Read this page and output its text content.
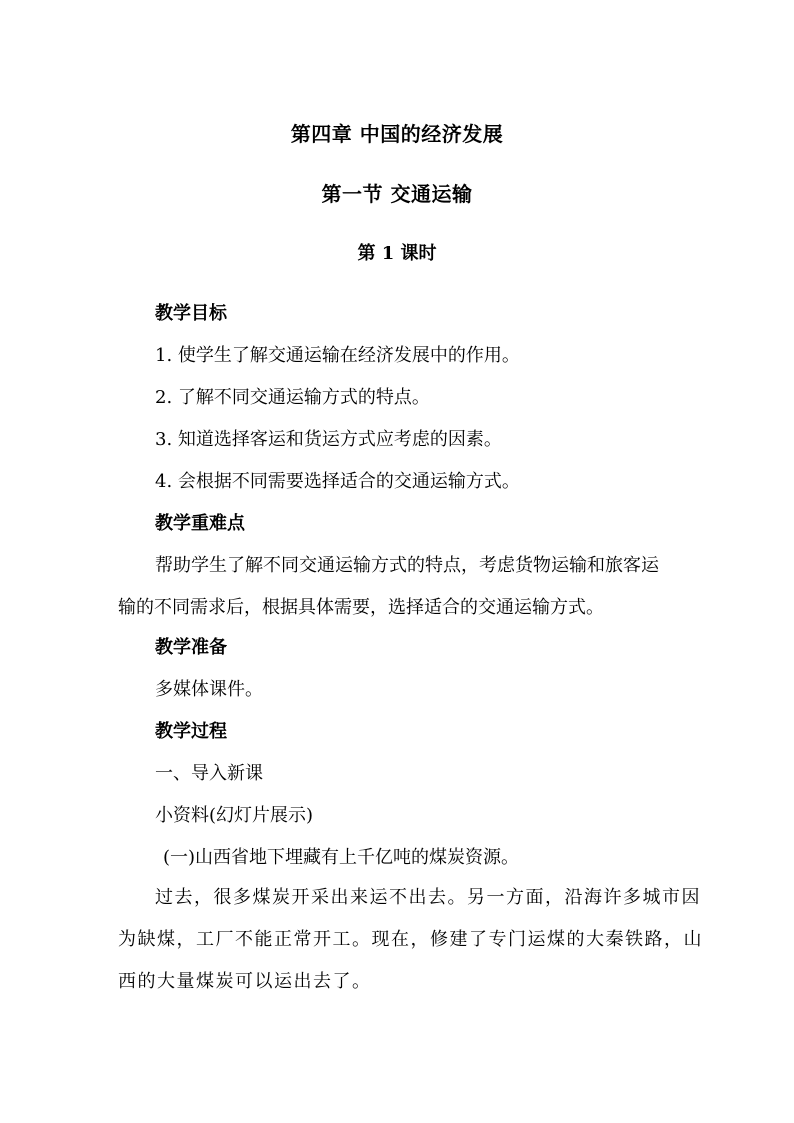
第四章 中国的经济发展
第一节 交通运输
第 1 课时
教学目标
1. 使学生了解交通运输在经济发展中的作用。
2. 了解不同交通运输方式的特点。
3. 知道选择客运和货运方式应考虑的因素。
4. 会根据不同需要选择适合的交通运输方式。
教学重难点
帮助学生了解不同交通运输方式的特点，考虑货物运输和旅客运
输的不同需求后，根据具体需要，选择适合的交通运输方式。
教学准备
多媒体课件。
教学过程
一、导入新课
小资料(幻灯片展示)
(一)山西省地下埋藏有上千亿吨的煤炭资源。
过去，很多煤炭开采出来运不出去。另一方面，沿海许多城市因
为缺煤，工厂不能正常开工。现在，修建了专门运煤的大秦铁路，山
西的大量煤炭可以运出去了。
